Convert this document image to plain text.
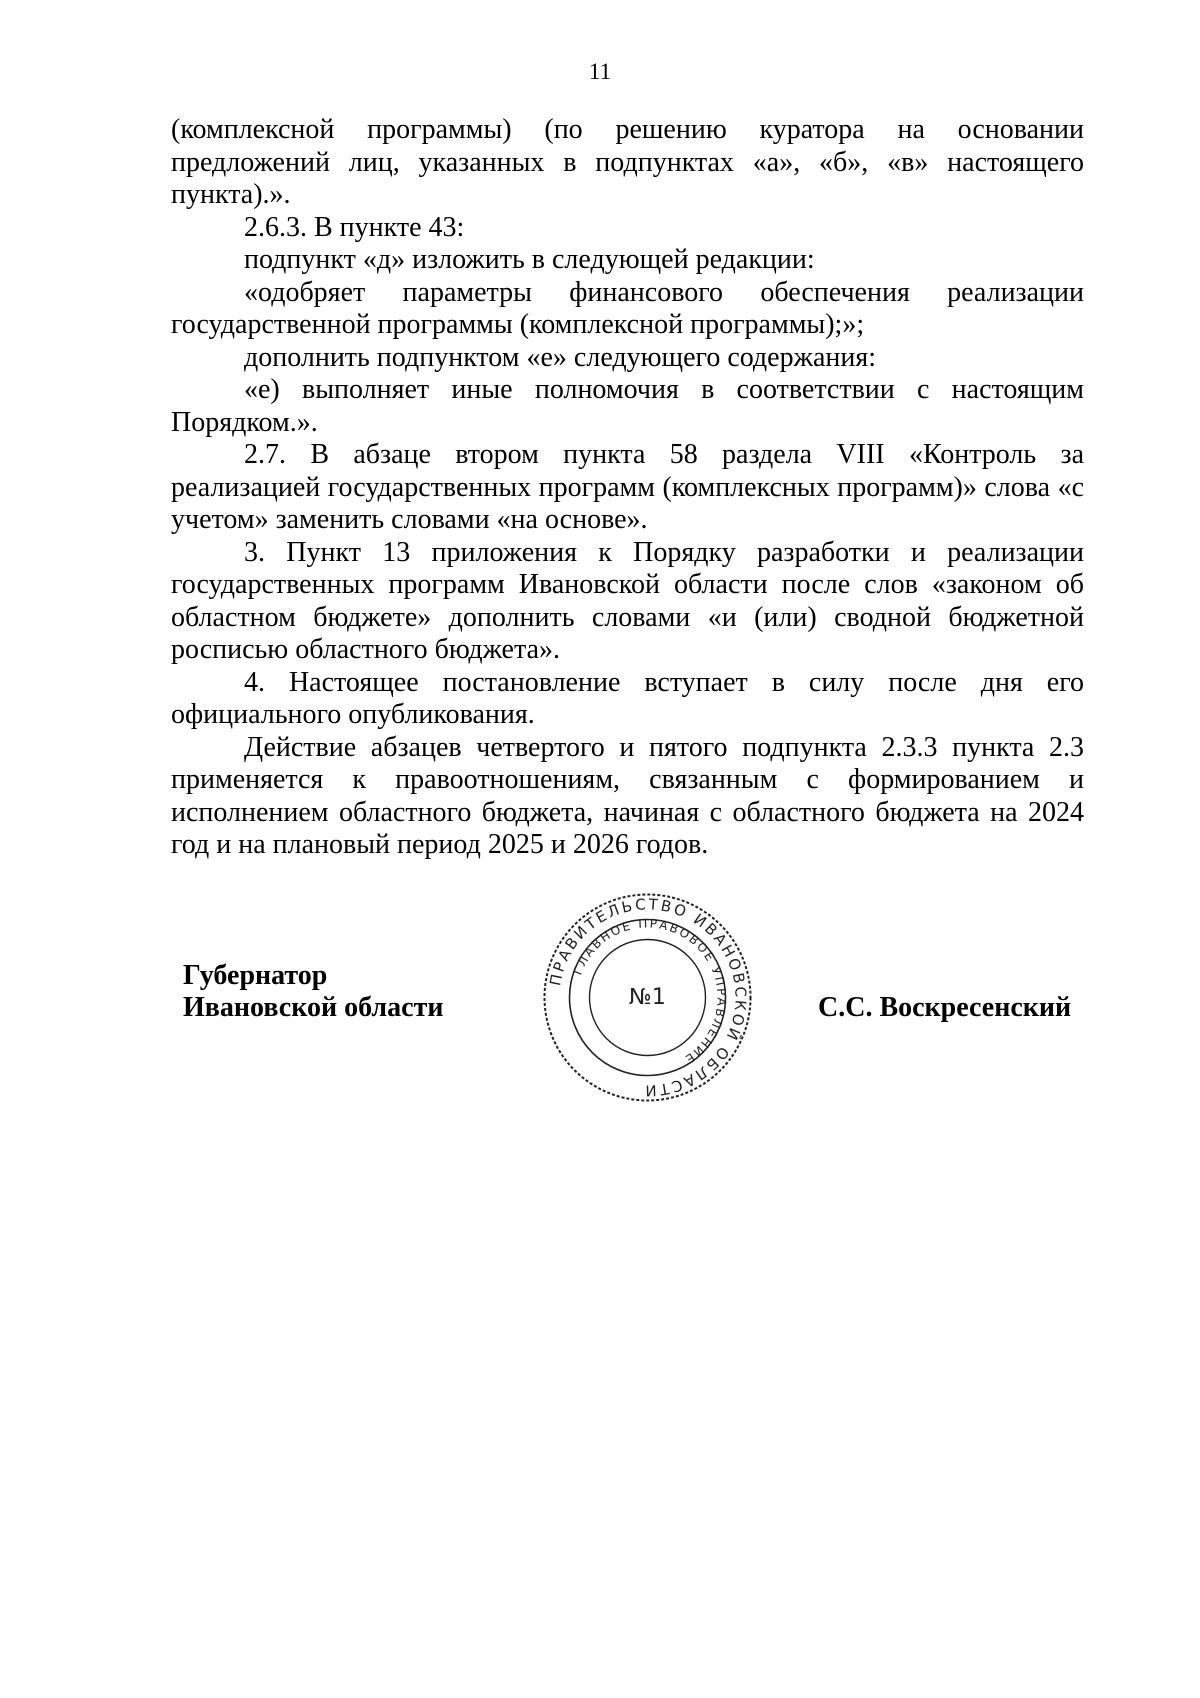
11

(комплексной программы) (по решению куратора на основании предложений лиц, указанных в подпунктах «а», «б», «в» настоящего пункта).».

2.6.3. В пункте 43:

подпункт «д» изложить в следующей редакции:

«одобряет параметры финансового обеспечения реализации государственной программы (комплексной программы);»;

дополнить подпунктом «е» следующего содержания:

«е) выполняет иные полномочия в соответствии с настоящим Порядком.».

2.7. В абзаце втором пункта 58 раздела VIII «Контроль за реализацией государственных программ (комплексных программ)» слова «с учетом» заменить словами «на основе».

3. Пункт 13 приложения к Порядку разработки и реализации государственных программ Ивановской области после слов «законом об областном бюджете» дополнить словами «и (или) сводной бюджетной росписью областного бюджета».

4. Настоящее постановление вступает в силу после дня его официального опубликования.

Действие абзацев четвертого и пятого подпункта 2.3.3 пункта 2.3 применяется к правоотношениям, связанным с формированием и исполнением областного бюджета, начиная с областного бюджета на 2024 год и на плановый период 2025 и 2026 годов.

Губернатор
Ивановской области
ПРАВИТЕЛЬСТВО ИВАНОВСКОЙ ОБЛАСТИ
ГЛАВНОЕ ПРАВОВОЕ УПРАВЛЕНИЕ
№1	С.С. Воскресенский
